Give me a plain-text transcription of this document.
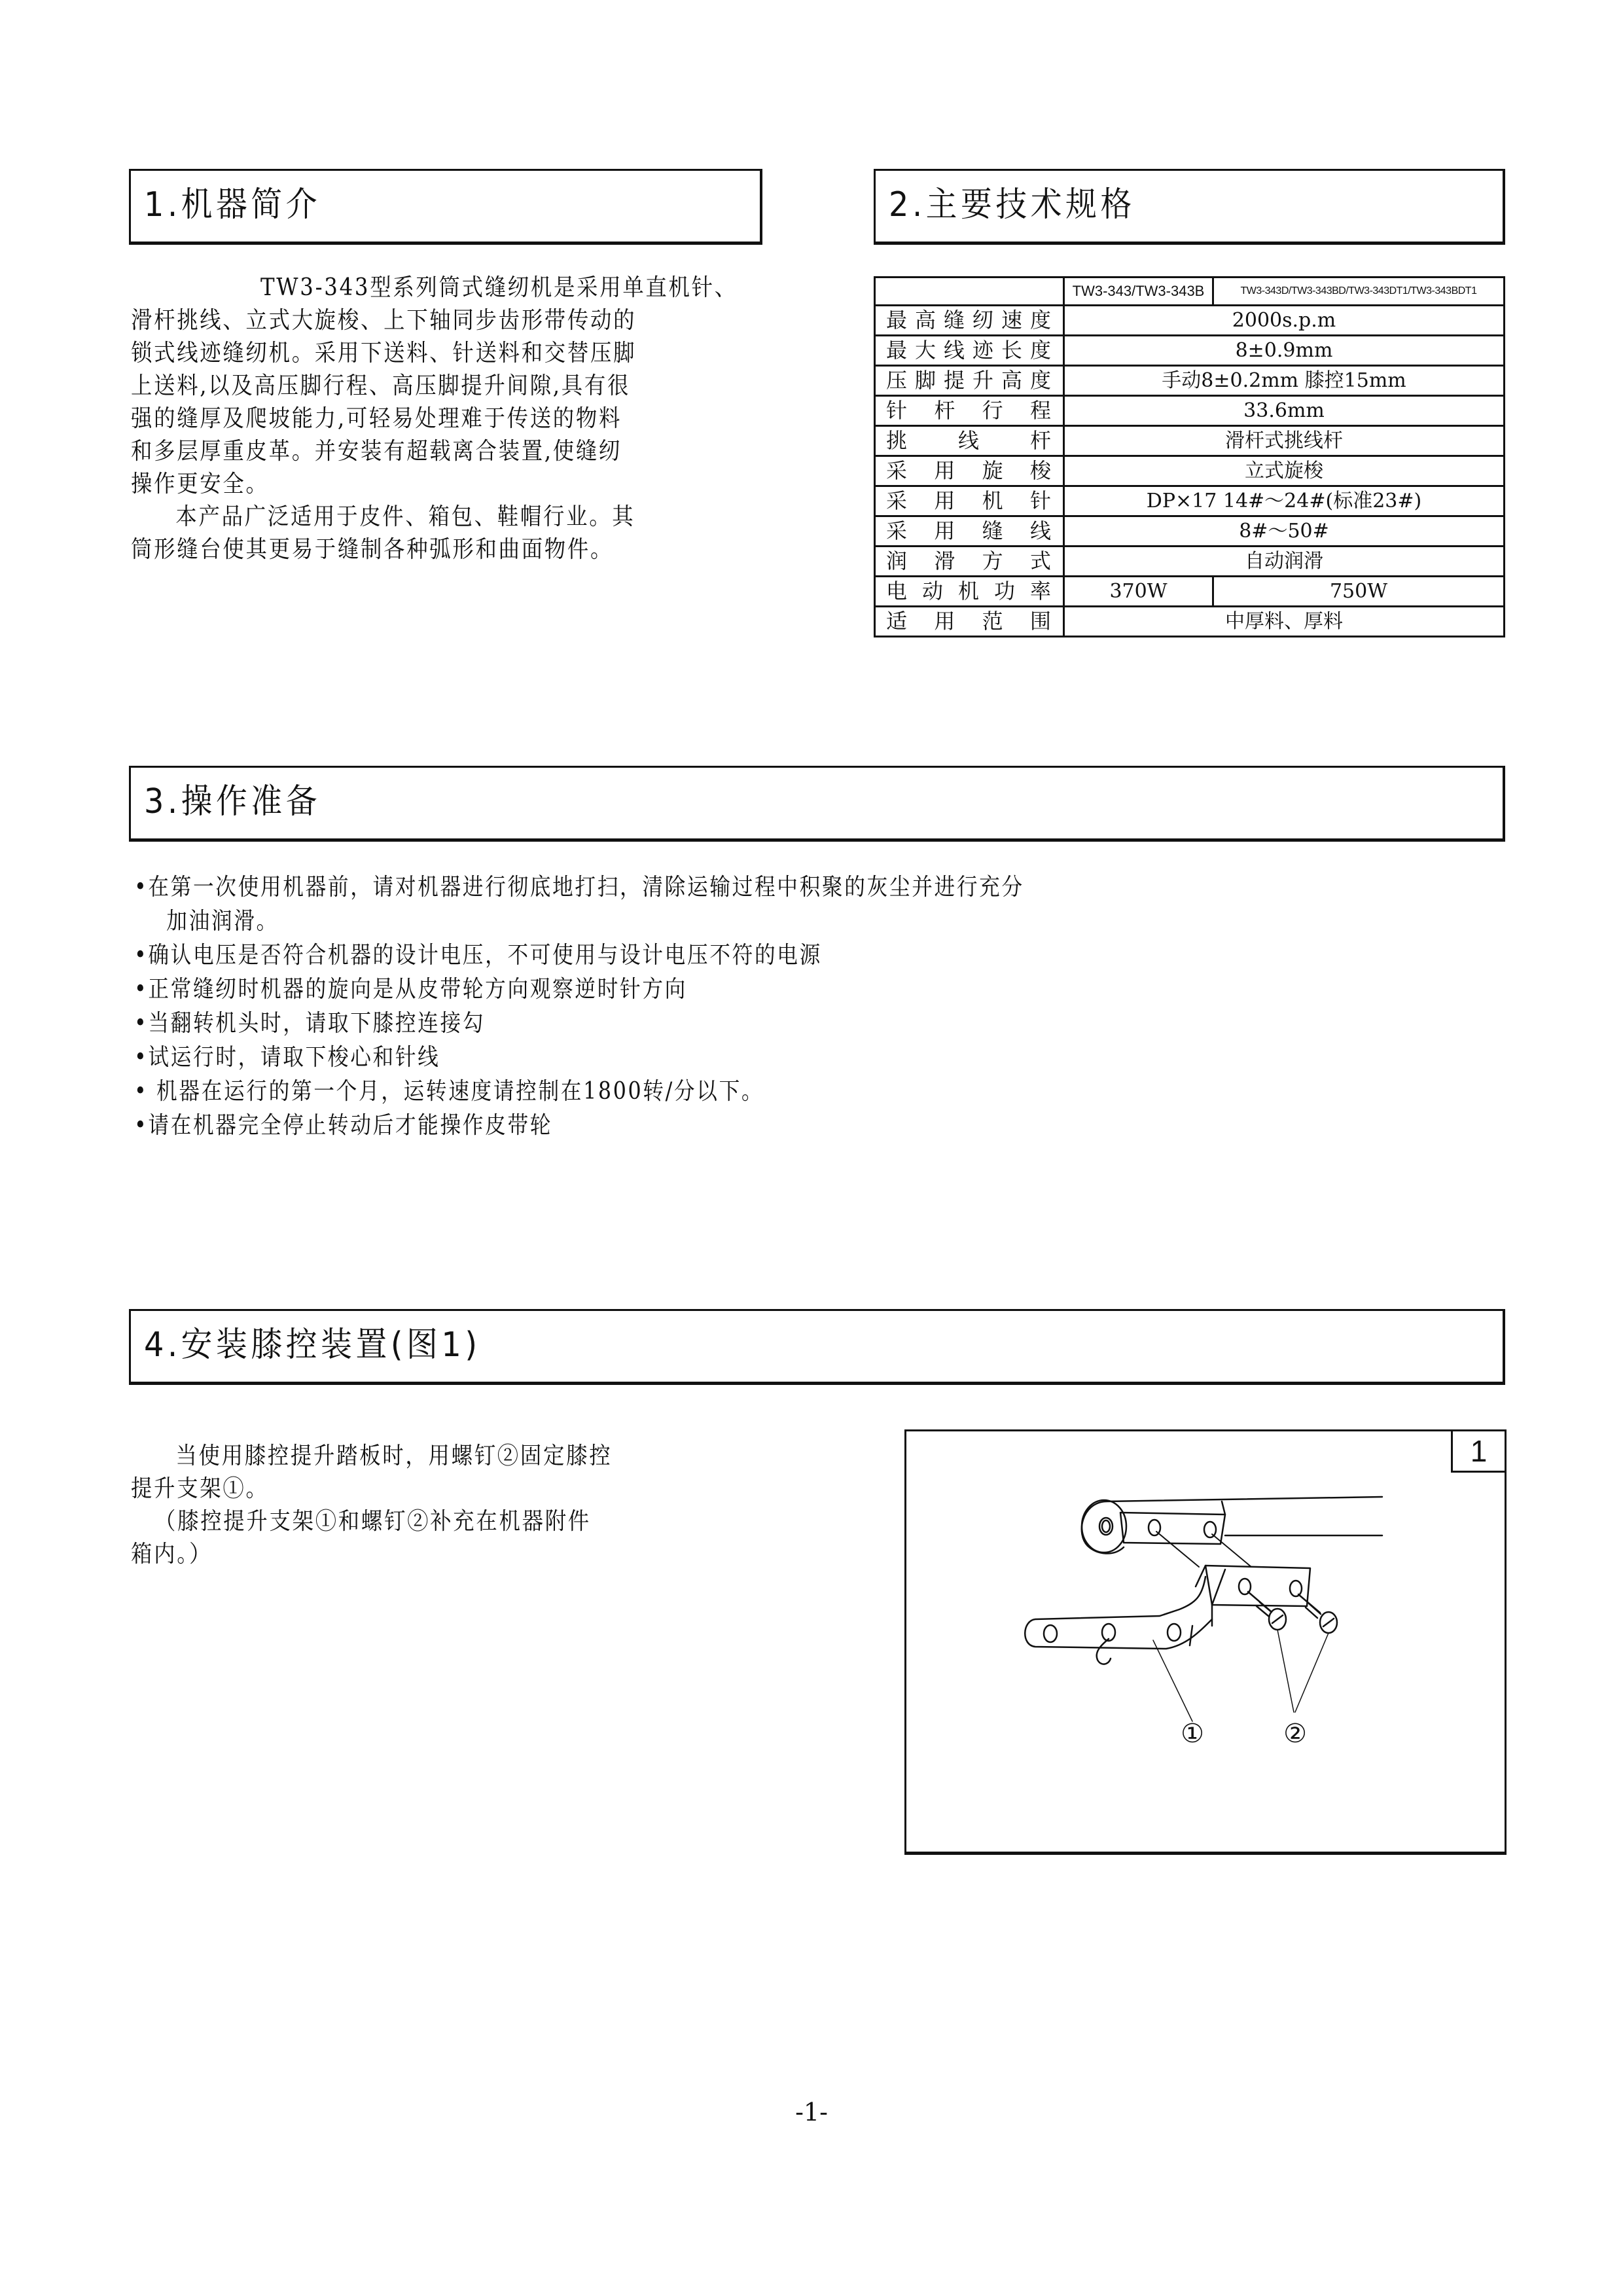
1.机器简介

TW3-343型系列筒式缝纫机是采用单直机针、

滑杆挑线、立式大旋梭、上下轴同步齿形带传动的

锁式线迹缝纫机。采用下送料、针送料和交替压脚

上送料,以及高压脚行程、高压脚提升间隙,具有很

强的缝厚及爬坡能力,可轻易处理难于传送的物料

和多层厚重皮革。并安装有超载离合装置,使缝纫

操作更安全。

本产品广泛适用于皮件、箱包、鞋帽行业。其

筒形缝台使其更易于缝制各种弧形和曲面物件。

2.主要技术规格
	TW3-343/TW3-343B	TW3-343D/TW3-343BD/TW3-343DT1/TW3-343BDT1
最高缝纫速度	2000s.p.m	
最大线迹长度	8±0.9mm	
压脚提升高度	手动8±0.2mm 膝控15mm	
针杆行程	33.6mm	
挑线杆	滑杆式挑线杆	
采用旋梭	立式旋梭	
采用机针	DP×17 14#～24#(标准23#)	
采用缝线	8#～50#	
润滑方式	自动润滑	
电动机功率	370W	750W
适用范围	中厚料、厚料	
3.操作准备
•在第一次使用机器前，请对机器进行彻底地打扫，清除运输过程中积聚的灰尘并进行充分
加油润滑。
•确认电压是否符合机器的设计电压，不可使用与设计电压不符的电源
•正常缝纫时机器的旋向是从皮带轮方向观察逆时针方向
•当翻转机头时，请取下膝控连接勾
•试运行时，请取下梭心和针线
• 机器在运行的第一个月，运转速度请控制在1800转/分以下。
•请在机器完全停止转动后才能操作皮带轮
4.安装膝控装置(图1)

当使用膝控提升踏板时，用螺钉②固定膝控

提升支架①。

（膝控提升支架①和螺钉②补充在机器附件

箱内。）

1
①	②
-1-
